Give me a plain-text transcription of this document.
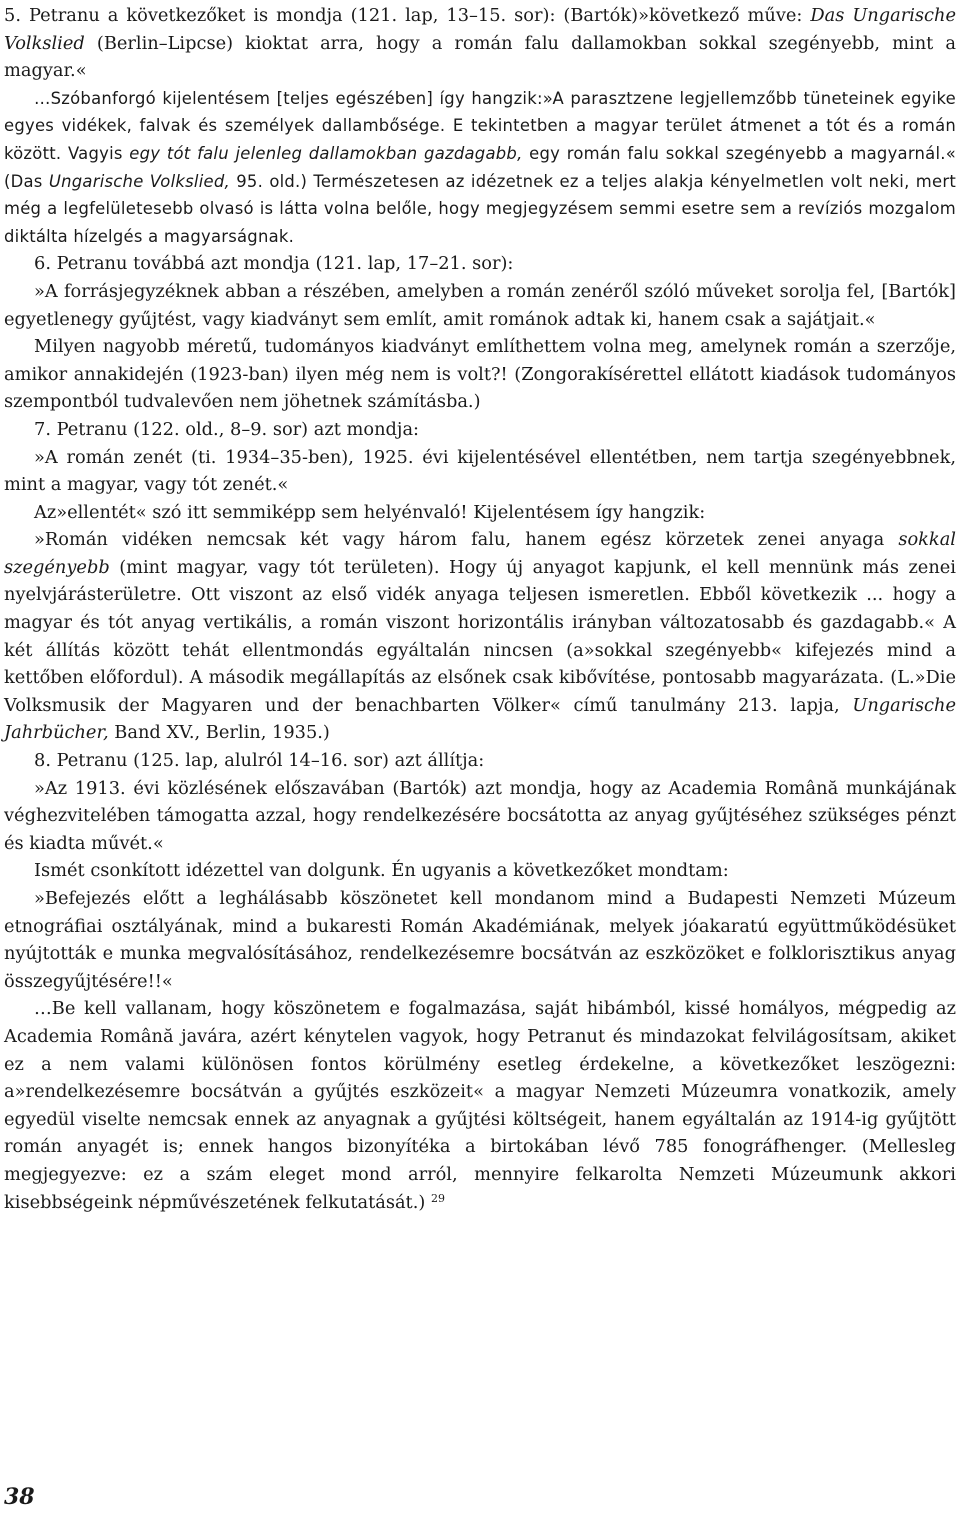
5. Petranu a következőket is mondja (121. lap, 13–15. sor): (Bartók)»következő műve: Das Ungarische Volkslied (Berlin–Lipcse) kioktat arra, hogy a román falu dallamokban sokkal szegényebb, mint a magyar.«

…Szóbanforgó kijelentésem [teljes egészében] így hangzik:»A parasztzene legjellemzőbb tüneteinek egyike egyes vidékek, falvak és személyek dallambősége. E tekintetben a magyar terület átmenet a tót és a román között. Vagyis egy tót falu jelenleg dallamokban gazdagabb, egy román falu sokkal szegényebb a magyarnál.« (Das Ungarische Volkslied, 95. old.) Természetesen az idézetnek ez a teljes alakja kényelmetlen volt neki, mert még a legfelületesebb olvasó is látta volna belőle, hogy megjegyzésem semmi esetre sem a revíziós mozgalom diktálta hízelgés a magyarságnak.

6. Petranu továbbá azt mondja (121. lap, 17–21. sor):

»A forrásjegyzéknek abban a részében, amelyben a román zenéről szóló műveket sorolja fel, [Bartók] egyetlenegy gyűjtést, vagy kiadványt sem említ, amit románok adtak ki, hanem csak a sajátjait.«

Milyen nagyobb méretű, tudományos kiadványt említhettem volna meg, amelynek román a szerzője, amikor annakidején (1923-ban) ilyen még nem is volt?! (Zongorakísérettel ellátott kiadások tudományos szempontból tudvalevően nem jöhetnek számításba.)

7. Petranu (122. old., 8–9. sor) azt mondja:

»A román zenét (ti. 1934–35-ben), 1925. évi kijelentésével ellentétben, nem tartja szegényebbnek, mint a magyar, vagy tót zenét.«

Az»ellentét« szó itt semmiképp sem helyénvaló! Kijelentésem így hangzik:

»Román vidéken nemcsak két vagy három falu, hanem egész körzetek zenei anyaga sokkal szegényebb (mint magyar, vagy tót területen). Hogy új anyagot kapjunk, el kell mennünk más zenei nyelvjárásterületre. Ott viszont az első vidék anyaga teljesen ismeretlen. Ebből következik ... hogy a magyar és tót anyag vertikális, a román viszont horizontális irányban változatosabb és gazdagabb.« A két állítás között tehát ellentmondás egyáltalán nincsen (a»sokkal szegényebb« kifejezés mind a kettőben előfordul). A második megállapítás az elsőnek csak kibővítése, pontosabb magyarázata. (L.»Die Volksmusik der Magyaren und der benachbarten Völker« című tanulmány 213. lapja, Ungarische Jahrbücher, Band XV., Berlin, 1935.)

8. Petranu (125. lap, alulról 14–16. sor) azt állítja:

»Az 1913. évi közlésének előszavában (Bartók) azt mondja, hogy az Academia Română munkájának véghezvitelében támogatta azzal, hogy rendelkezésére bocsátotta az anyag gyűjtéséhez szükséges pénzt és kiadta művét.«

Ismét csonkított idézettel van dolgunk. Én ugyanis a következőket mondtam:

»Befejezés előtt a leghálásabb köszönetet kell mondanom mind a Budapesti Nemzeti Múzeum etnográfiai osztályának, mind a bukaresti Román Akadémiának, melyek jóakaratú együttműködésüket nyújtották e munka megvalósításához, rendelkezésemre bocsátván az eszközöket e folklorisztikus anyag összegyűjtésére!!«

…Be kell vallanam, hogy köszönetem e fogalmazása, saját hibámból, kissé homályos, mégpedig az Academia Română javára, azért kénytelen vagyok, hogy Petranut és mindazokat felvilágosítsam, akiket ez a nem valami különösen fontos körülmény esetleg érdekelne, a következőket leszögezni: a»rendelkezésemre bocsátván a gyűjtés eszközeit« a magyar Nemzeti Múzeumra vonatkozik, amely egyedül viselte nemcsak ennek az anyagnak a gyűjtési költségeit, hanem egyáltalán az 1914-ig gyűjtött román anyagét is; ennek hangos bizonyítéka a birtokában lévő 785 fonográfhenger. (Mellesleg megjegyezve: ez a szám eleget mond arról, mennyire felkarolta Nemzeti Múzeumunk akkori kisebbségeink népművészetének felkutatását.) $^{29}$

38
